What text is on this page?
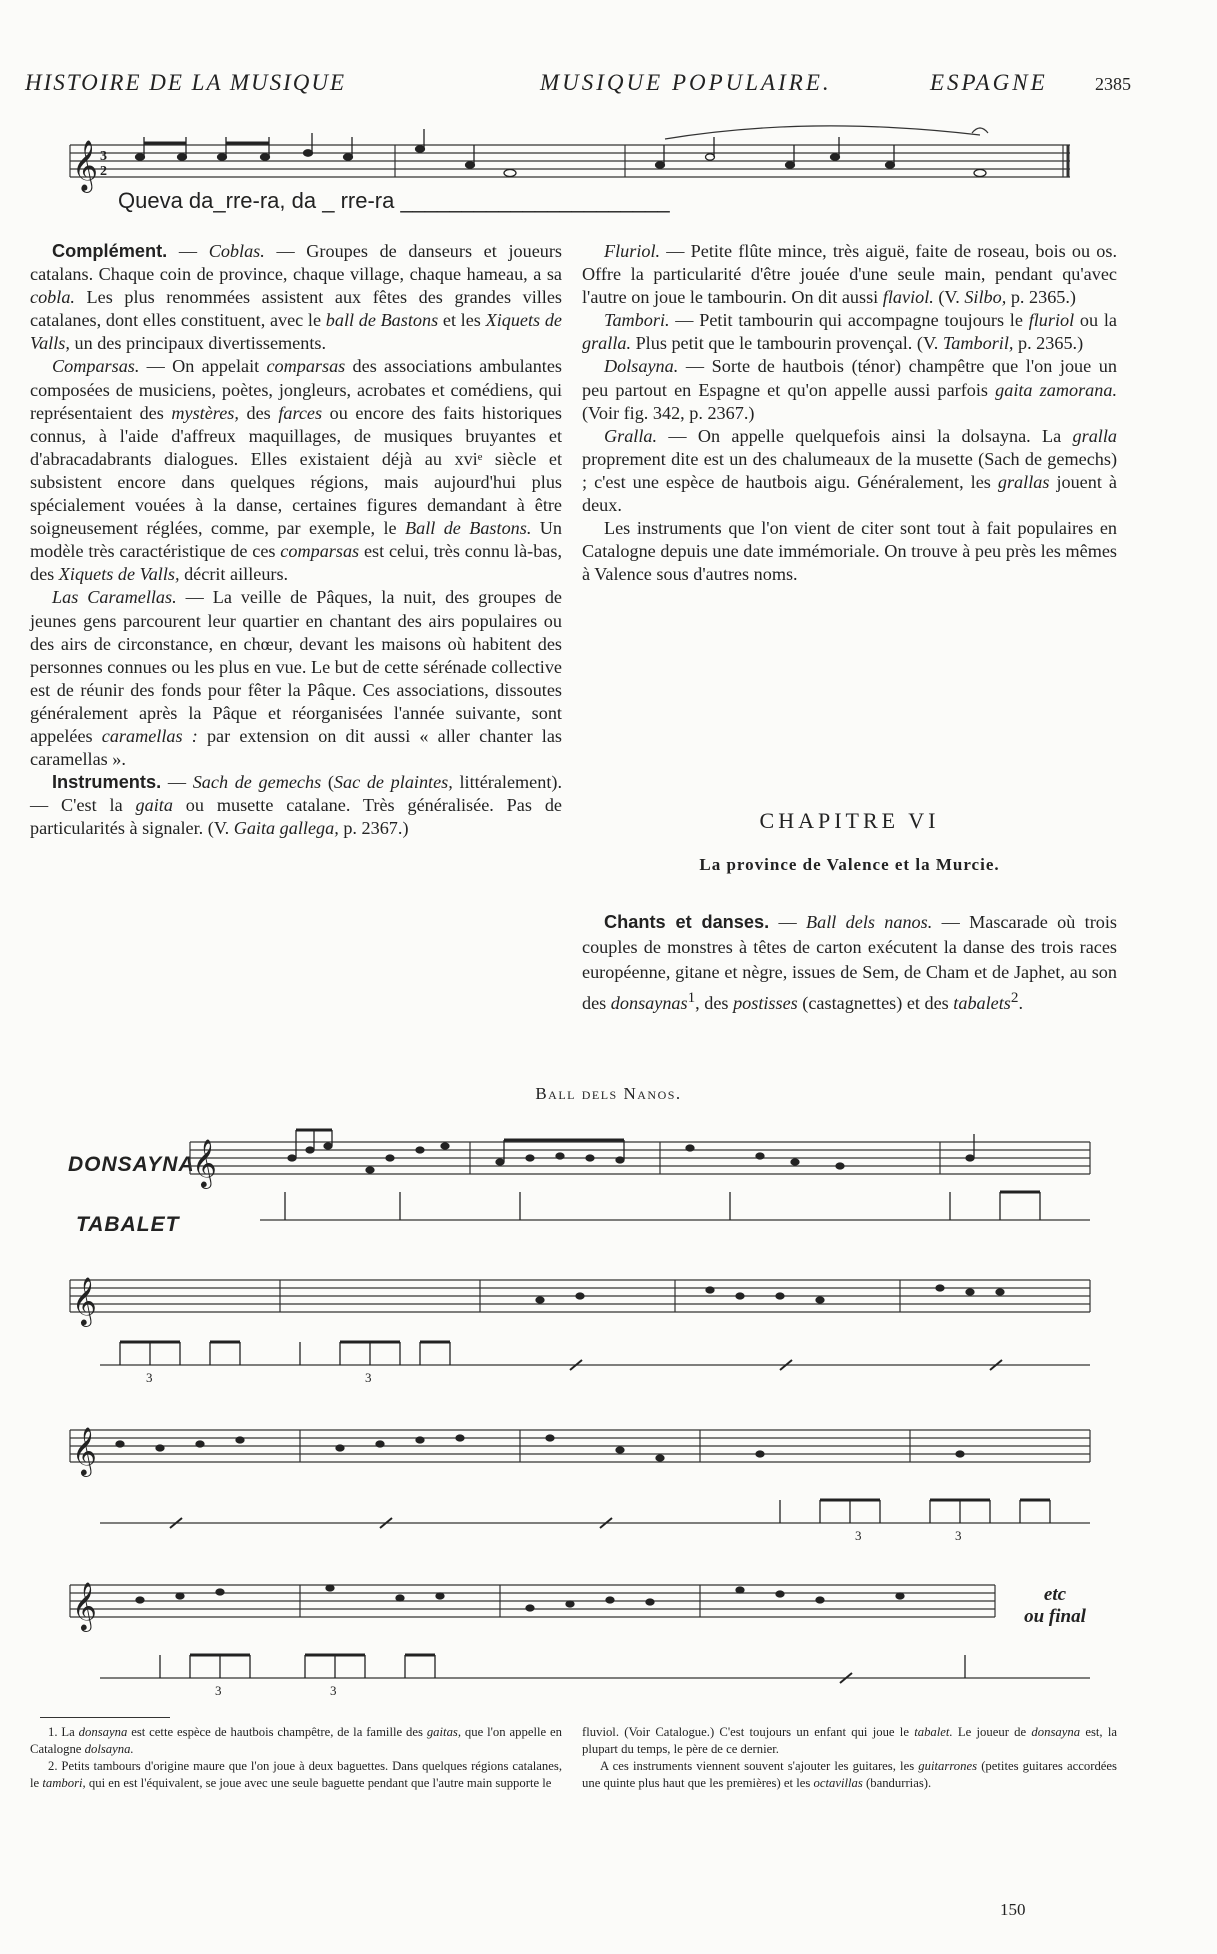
HISTOIRE DE LA MUSIQUE	MUSIQUE POPULAIRE.	ESPAGNE	2385
𝄞 3
2
Queva da_rre-ra, da _ rre-ra ______________________

Complément. — Coblas. — Groupes de danseurs et joueurs catalans. Chaque coin de province, chaque village, chaque hameau, a sa cobla. Les plus renommées assistent aux fêtes des grandes villes catalanes, dont elles constituent, avec le ball de Bastons et les Xiquets de Valls, un des principaux divertissements.

Comparsas. — On appelait comparsas des associations ambulantes composées de musiciens, poètes, jongleurs, acrobates et comédiens, qui représentaient des mystères, des farces ou encore des faits historiques connus, à l'aide d'affreux maquillages, de musiques bruyantes et d'abracadabrants dialogues. Elles existaient déjà au xviᵉ siècle et subsistent encore dans quelques régions, mais aujourd'hui plus spécialement vouées à la danse, certaines figures demandant à être soigneusement réglées, comme, par exemple, le Ball de Bastons. Un modèle très caractéristique de ces comparsas est celui, très connu là-bas, des Xiquets de Valls, décrit ailleurs.

Las Caramellas. — La veille de Pâques, la nuit, des groupes de jeunes gens parcourent leur quartier en chantant des airs populaires ou des airs de circonstance, en chœur, devant les maisons où habitent des personnes connues ou les plus en vue. Le but de cette sérénade collective est de réunir des fonds pour fêter la Pâque. Ces associations, dissoutes généralement après la Pâque et réorganisées l'année suivante, sont appelées caramellas : par extension on dit aussi « aller chanter las caramellas ».

Instruments. — Sach de gemechs (Sac de plaintes, littéralement). — C'est la gaita ou musette catalane. Très généralisée. Pas de particularités à signaler. (V. Gaita gallega, p. 2367.)

Fluriol. — Petite flûte mince, très aiguë, faite de roseau, bois ou os. Offre la particularité d'être jouée d'une seule main, pendant qu'avec l'autre on joue le tambourin. On dit aussi flaviol. (V. Silbo, p. 2365.)

Tambori. — Petit tambourin qui accompagne toujours le fluriol ou la gralla. Plus petit que le tambourin provençal. (V. Tamboril, p. 2365.)

Dolsayna. — Sorte de hautbois (ténor) champêtre que l'on joue un peu partout en Espagne et qu'on appelle aussi parfois gaita zamorana. (Voir fig. 342, p. 2367.)

Gralla. — On appelle quelquefois ainsi la dolsayna. La gralla proprement dite est un des chalumeaux de la musette (Sach de gemechs) ; c'est une espèce de hautbois aigu. Généralement, les grallas jouent à deux.

Les instruments que l'on vient de citer sont tout à fait populaires en Catalogne depuis une date immémoriale. On trouve à peu près les mêmes à Valence sous d'autres noms.

CHAPITRE VI
La province de Valence et la Murcie.

Chants et danses. — Ball dels nanos. — Mascarade où trois couples de monstres à têtes de carton exécutent la danse des trois races européenne, gitane et nègre, issues de Sem, de Cham et de Japhet, au son des donsaynas$^1$, des postisses (castagnettes) et des tabalets$^2$.

Ball dels Nanos.
DONSAYNA
TABALET
𝄞
𝄞
𝄞
𝄞
3	3
3	3
3	3
etc
ou final

1. La donsayna est cette espèce de hautbois champêtre, de la famille des gaitas, que l'on appelle en Catalogne dolsayna.

2. Petits tambours d'origine maure que l'on joue à deux baguettes. Dans quelques régions catalanes, le tambori, qui en est l'équivalent, se joue avec une seule baguette pendant que l'autre main supporte le

fluviol. (Voir Catalogue.) C'est toujours un enfant qui joue le tabalet. Le joueur de donsayna est, la plupart du temps, le père de ce dernier.

A ces instruments viennent souvent s'ajouter les guitares, les guitarrones (petites guitares accordées une quinte plus haut que les premières) et les octavillas (bandurrias).

150
